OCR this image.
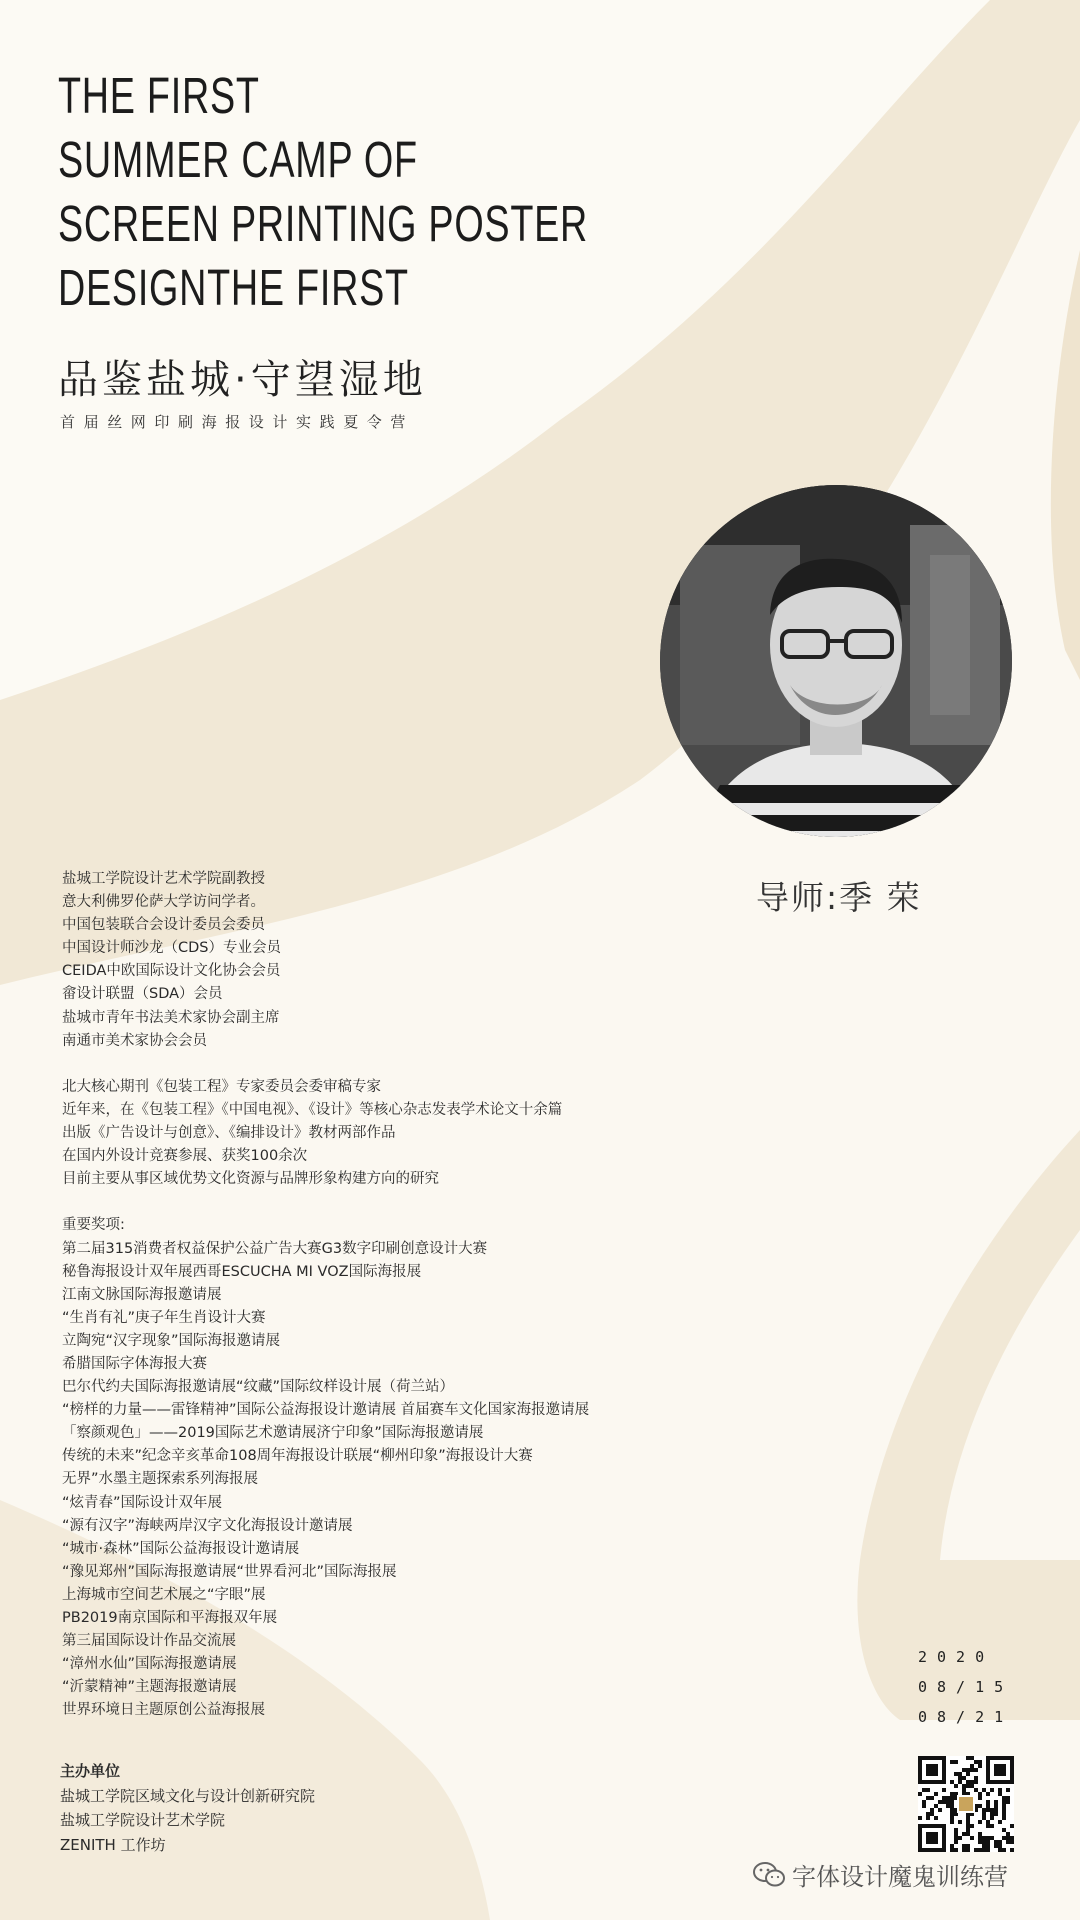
THE FIRST
SUMMER CAMP OF
SCREEN PRINTING POSTER
DESIGNTHE FIRST
品鉴盐城·守望湿地
首届丝网印刷海报设计实践夏令营
导师:季 荣
盐城工学院设计艺术学院副教授
意大利佛罗伦萨大学访问学者。
中国包装联合会设计委员会委员
中国设计师沙龙（CDS）专业会员
CEIDA中欧国际设计文化协会会员
畲设计联盟（SDA）会员
盐城市青年书法美术家协会副主席
南通市美术家协会会员
北大核心期刊《包装工程》专家委员会委审稿专家
近年来，在《包装工程》《中国电视》、《设计》等核心杂志发表学术论文十余篇
出版《广告设计与创意》、《编排设计》教材两部作品
在国内外设计竞赛参展、获奖100余次
目前主要从事区域优势文化资源与品牌形象构建方向的研究
重要奖项:
第二届315消费者权益保护公益广告大赛G3数字印刷创意设计大赛
秘鲁海报设计双年展西哥ESCUCHA MI VOZ国际海报展
江南文脉国际海报邀请展
“生肖有礼”庚子年生肖设计大赛
立陶宛“汉字现象”国际海报邀请展
希腊国际字体海报大赛
巴尔代约夫国际海报邀请展“纹藏”国际纹样设计展（荷兰站）
“榜样的力量——雷锋精神”国际公益海报设计邀请展 首届赛车文化国家海报邀请展
「察颜观色」——2019国际艺术邀请展济宁印象”国际海报邀请展
传统的未来”纪念辛亥革命108周年海报设计联展“柳州印象”海报设计大赛
无界”水墨主题探索系列海报展
“炫青春”国际设计双年展
“源有汉字”海峡两岸汉字文化海报设计邀请展
“城市·森林”国际公益海报设计邀请展
“豫见郑州”国际海报邀请展“世界看河北”国际海报展
上海城市空间艺术展之“字眼”展
PB2019南京国际和平海报双年展
第三届国际设计作品交流展
“漳州水仙”国际海报邀请展
“沂蒙精神”主题海报邀请展
世界环境日主题原创公益海报展
2020
08/15
08/21
主办单位
盐城工学院区域文化与设计创新研究院
盐城工学院设计艺术学院
ZENITH 工作坊
字体设计魔鬼训练营
